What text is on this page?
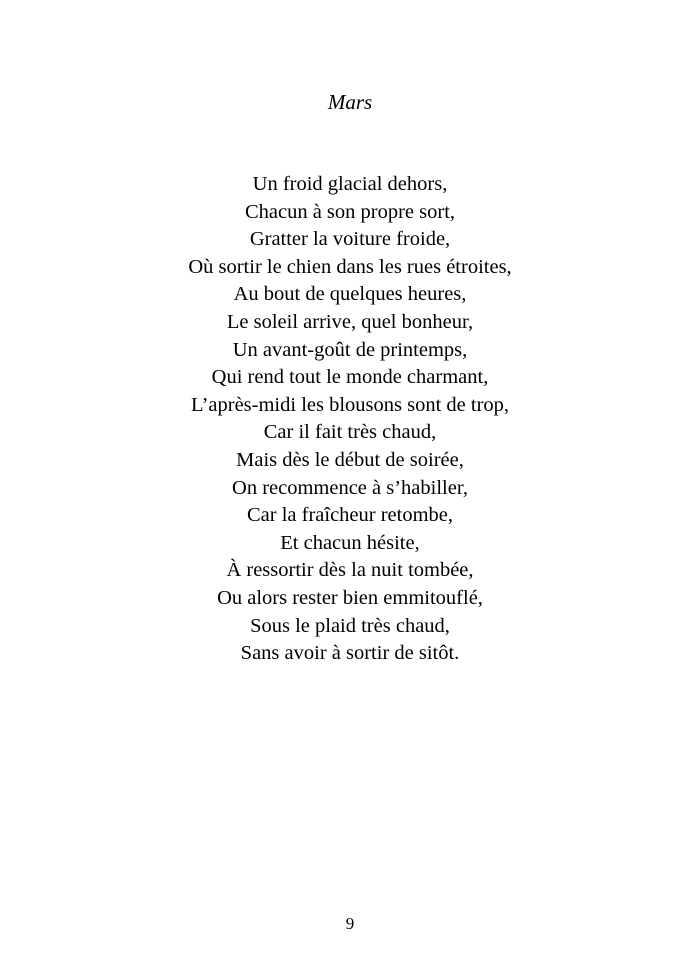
Mars
Un froid glacial dehors,
Chacun à son propre sort,
Gratter la voiture froide,
Où sortir le chien dans les rues étroites,
Au bout de quelques heures,
Le soleil arrive, quel bonheur,
Un avant-goût de printemps,
Qui rend tout le monde charmant,
L’après-midi les blousons sont de trop,
Car il fait très chaud,
Mais dès le début de soirée,
On recommence à s’habiller,
Car la fraîcheur retombe,
Et chacun hésite,
À ressortir dès la nuit tombée,
Ou alors rester bien emmitouflé,
Sous le plaid très chaud,
Sans avoir à sortir de sitôt.
9
